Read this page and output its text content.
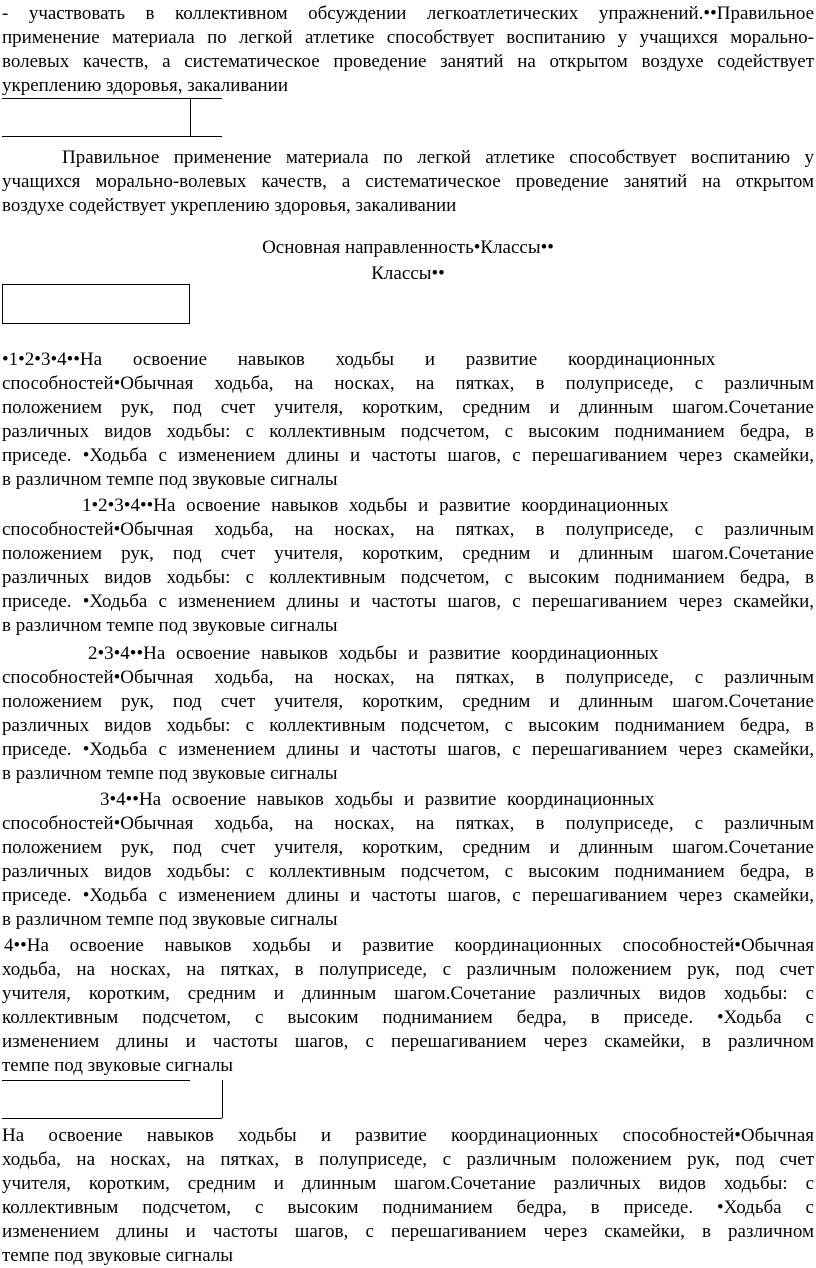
- участвовать в коллективном обсуждении легкоатлетических упражнений.••Правильное
применение материала по легкой атлетике способствует воспитанию у учащихся морально-
волевых качеств, а систематическое проведение занятий на открытом воздухе содействует
укреплению здоровья, закаливании
Правильное применение материала по легкой атлетике способствует воспитанию у
учащихся морально-волевых качеств, а систематическое проведение занятий на открытом
воздухе содействует укреплению здоровья, закаливании
Основная направленность•Классы••
Классы••
•1•2•3•4••На освоение навыков ходьбы и развитие координационных
способностей•Обычная ходьба, на носках, на пятках, в полуприседе, с различным
положением рук, под счет учителя, коротким, средним и длинным шагом.Сочетание
различных видов ходьбы: с коллективным подсчетом, с высоким подниманием бедра, в
приседе. •Ходьба с изменением длины и частоты шагов, с перешагиванием через скамейки,
в различном темпе под звуковые сигналы
1•2•3•4••На освоение навыков ходьбы и развитие координационных
способностей•Обычная ходьба, на носках, на пятках, в полуприседе, с различным
положением рук, под счет учителя, коротким, средним и длинным шагом.Сочетание
различных видов ходьбы: с коллективным подсчетом, с высоким подниманием бедра, в
приседе. •Ходьба с изменением длины и частоты шагов, с перешагиванием через скамейки,
в различном темпе под звуковые сигналы
2•3•4••На освоение навыков ходьбы и развитие координационных
способностей•Обычная ходьба, на носках, на пятках, в полуприседе, с различным
положением рук, под счет учителя, коротким, средним и длинным шагом.Сочетание
различных видов ходьбы: с коллективным подсчетом, с высоким подниманием бедра, в
приседе. •Ходьба с изменением длины и частоты шагов, с перешагиванием через скамейки,
в различном темпе под звуковые сигналы
3•4••На освоение навыков ходьбы и развитие координационных
способностей•Обычная ходьба, на носках, на пятках, в полуприседе, с различным
положением рук, под счет учителя, коротким, средним и длинным шагом.Сочетание
различных видов ходьбы: с коллективным подсчетом, с высоким подниманием бедра, в
приседе. •Ходьба с изменением длины и частоты шагов, с перешагиванием через скамейки,
в различном темпе под звуковые сигналы
4••На освоение навыков ходьбы и развитие координационных способностей•Обычная
ходьба, на носках, на пятках, в полуприседе, с различным положением рук, под счет
учителя, коротким, средним и длинным шагом.Сочетание различных видов ходьбы: с
коллективным подсчетом, с высоким подниманием бедра, в приседе. •Ходьба с
изменением длины и частоты шагов, с перешагиванием через скамейки, в различном
темпе под звуковые сигналы
На освоение навыков ходьбы и развитие координационных способностей•Обычная
ходьба, на носках, на пятках, в полуприседе, с различным положением рук, под счет
учителя, коротким, средним и длинным шагом.Сочетание различных видов ходьбы: с
коллективным подсчетом, с высоким подниманием бедра, в приседе. •Ходьба с
изменением длины и частоты шагов, с перешагиванием через скамейки, в различном
темпе под звуковые сигналы
